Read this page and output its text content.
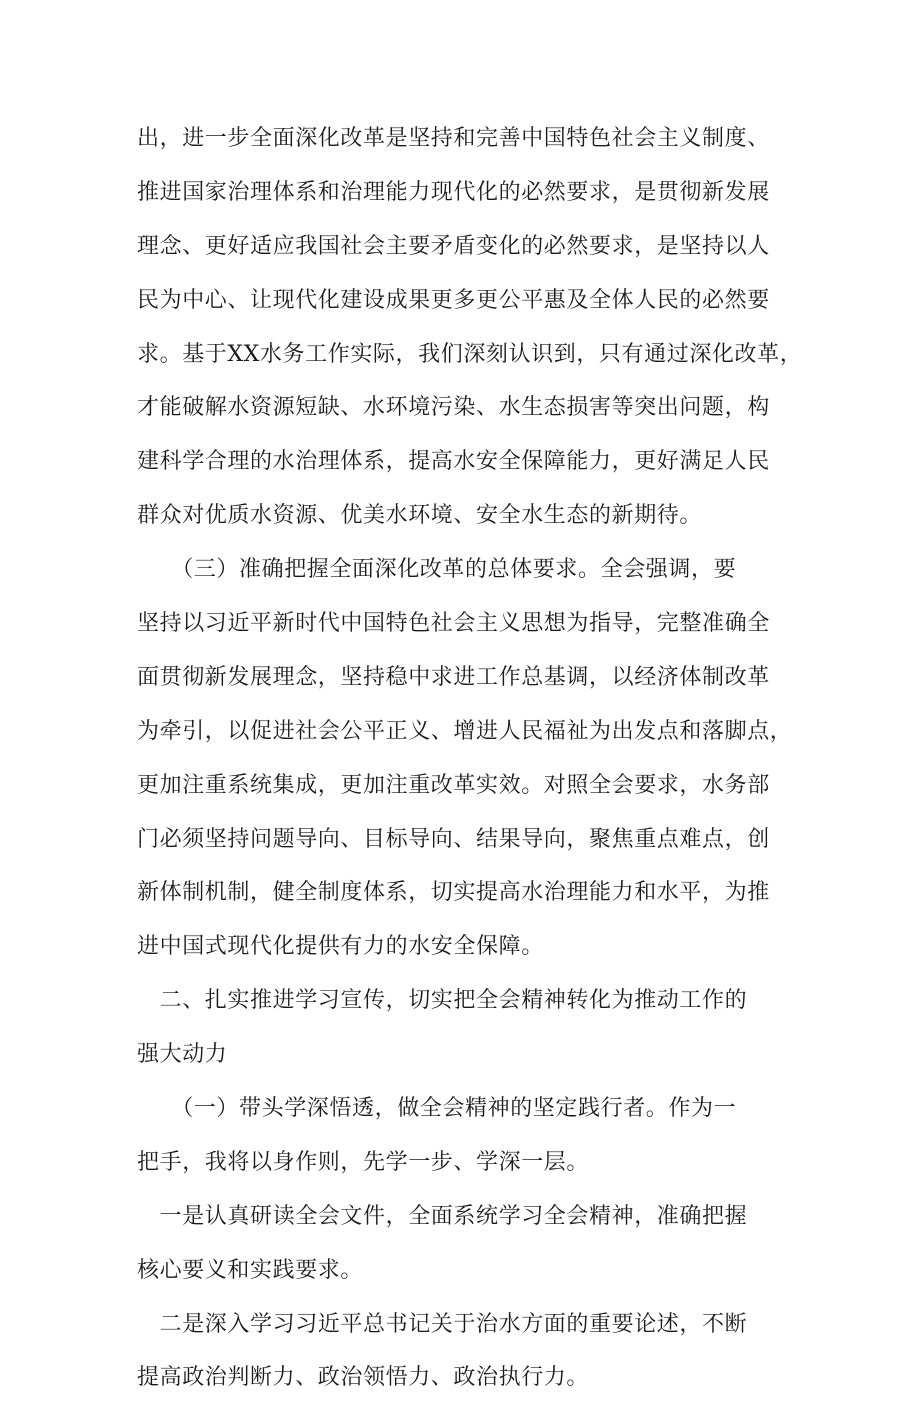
出，进一步全面深化改革是坚持和完善中国特色社会主义制度、
推进国家治理体系和治理能力现代化的必然要求，是贯彻新发展
理念、更好适应我国社会主要矛盾变化的必然要求，是坚持以人
民为中心、让现代化建设成果更多更公平惠及全体人民的必然要
求。基于XX水务工作实际，我们深刻认识到，只有通过深化改革，
才能破解水资源短缺、水环境污染、水生态损害等突出问题，构
建科学合理的水治理体系，提高水安全保障能力，更好满足人民
群众对优质水资源、优美水环境、安全水生态的新期待。
　　（三）准确把握全面深化改革的总体要求。全会强调，要
坚持以习近平新时代中国特色社会主义思想为指导，完整准确全
面贯彻新发展理念，坚持稳中求进工作总基调，以经济体制改革
为牵引，以促进社会公平正义、增进人民福祉为出发点和落脚点，
更加注重系统集成，更加注重改革实效。对照全会要求，水务部
门必须坚持问题导向、目标导向、结果导向，聚焦重点难点，创
新体制机制，健全制度体系，切实提高水治理能力和水平，为推
进中国式现代化提供有力的水安全保障。
　二、扎实推进学习宣传，切实把全会精神转化为推动工作的
强大动力
　　（一）带头学深悟透，做全会精神的坚定践行者。作为一
把手，我将以身作则，先学一步、学深一层。
　一是认真研读全会文件，全面系统学习全会精神，准确把握
核心要义和实践要求。
　二是深入学习习近平总书记关于治水方面的重要论述，不断
提高政治判断力、政治领悟力、政治执行力。
